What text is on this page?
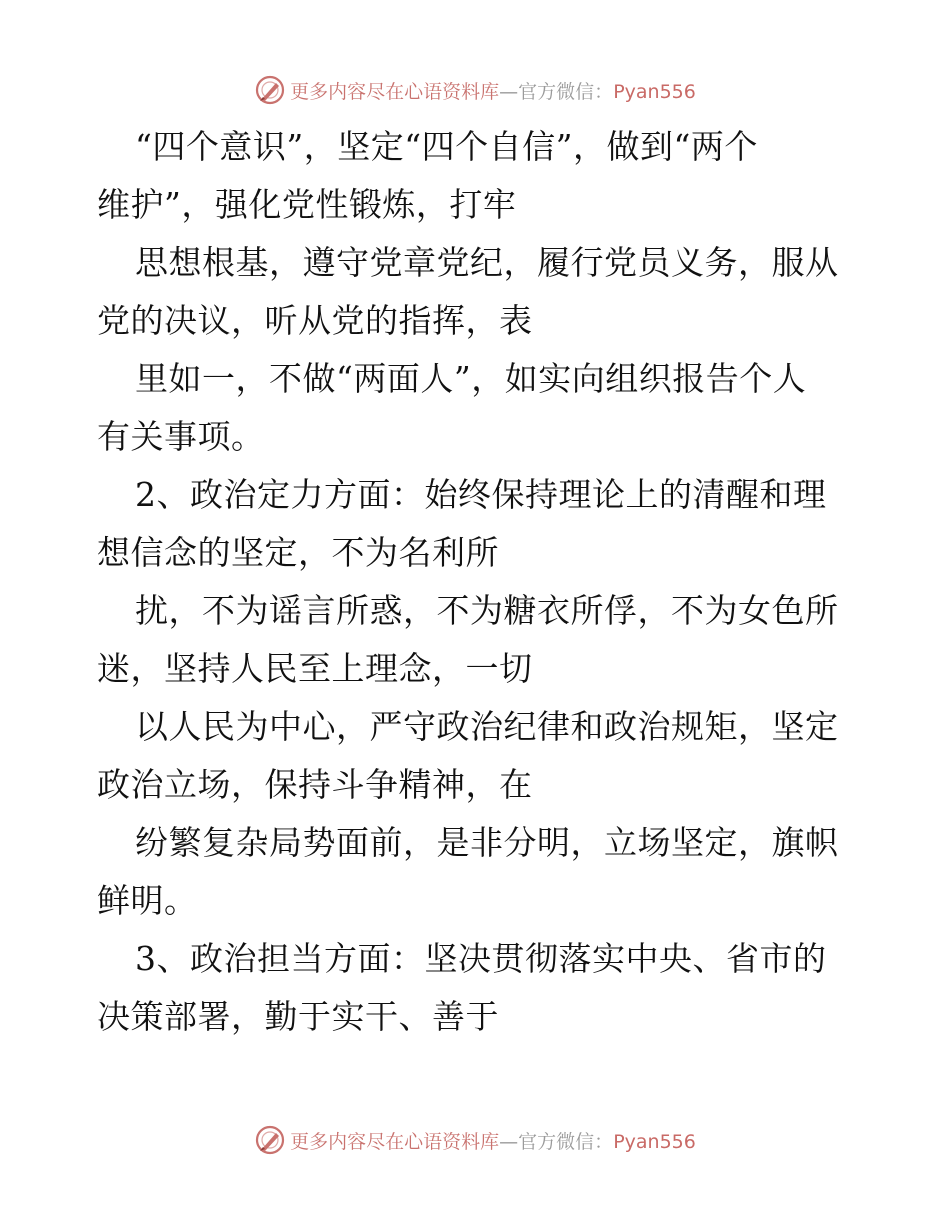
更多内容尽在心语资料库—官方微信：Pyan556

“四个意识”，坚定“四个自信”，做到“两个
维护”，强化党性锻炼，打牢

思想根基，遵守党章党纪，履行党员义务，服从
党的决议，听从党的指挥，表

里如一，不做“两面人”，如实向组织报告个人
有关事项。

2、政治定力方面：始终保持理论上的清醒和理
想信念的坚定，不为名利所

扰，不为谣言所惑，不为糖衣所俘，不为女色所
迷，坚持人民至上理念，一切

以人民为中心，严守政治纪律和政治规矩，坚定
政治立场，保持斗争精神，在

纷繁复杂局势面前，是非分明，立场坚定，旗帜
鲜明。

3、政治担当方面：坚决贯彻落实中央、省市的
决策部署，勤于实干、善于

更多内容尽在心语资料库—官方微信：Pyan556
